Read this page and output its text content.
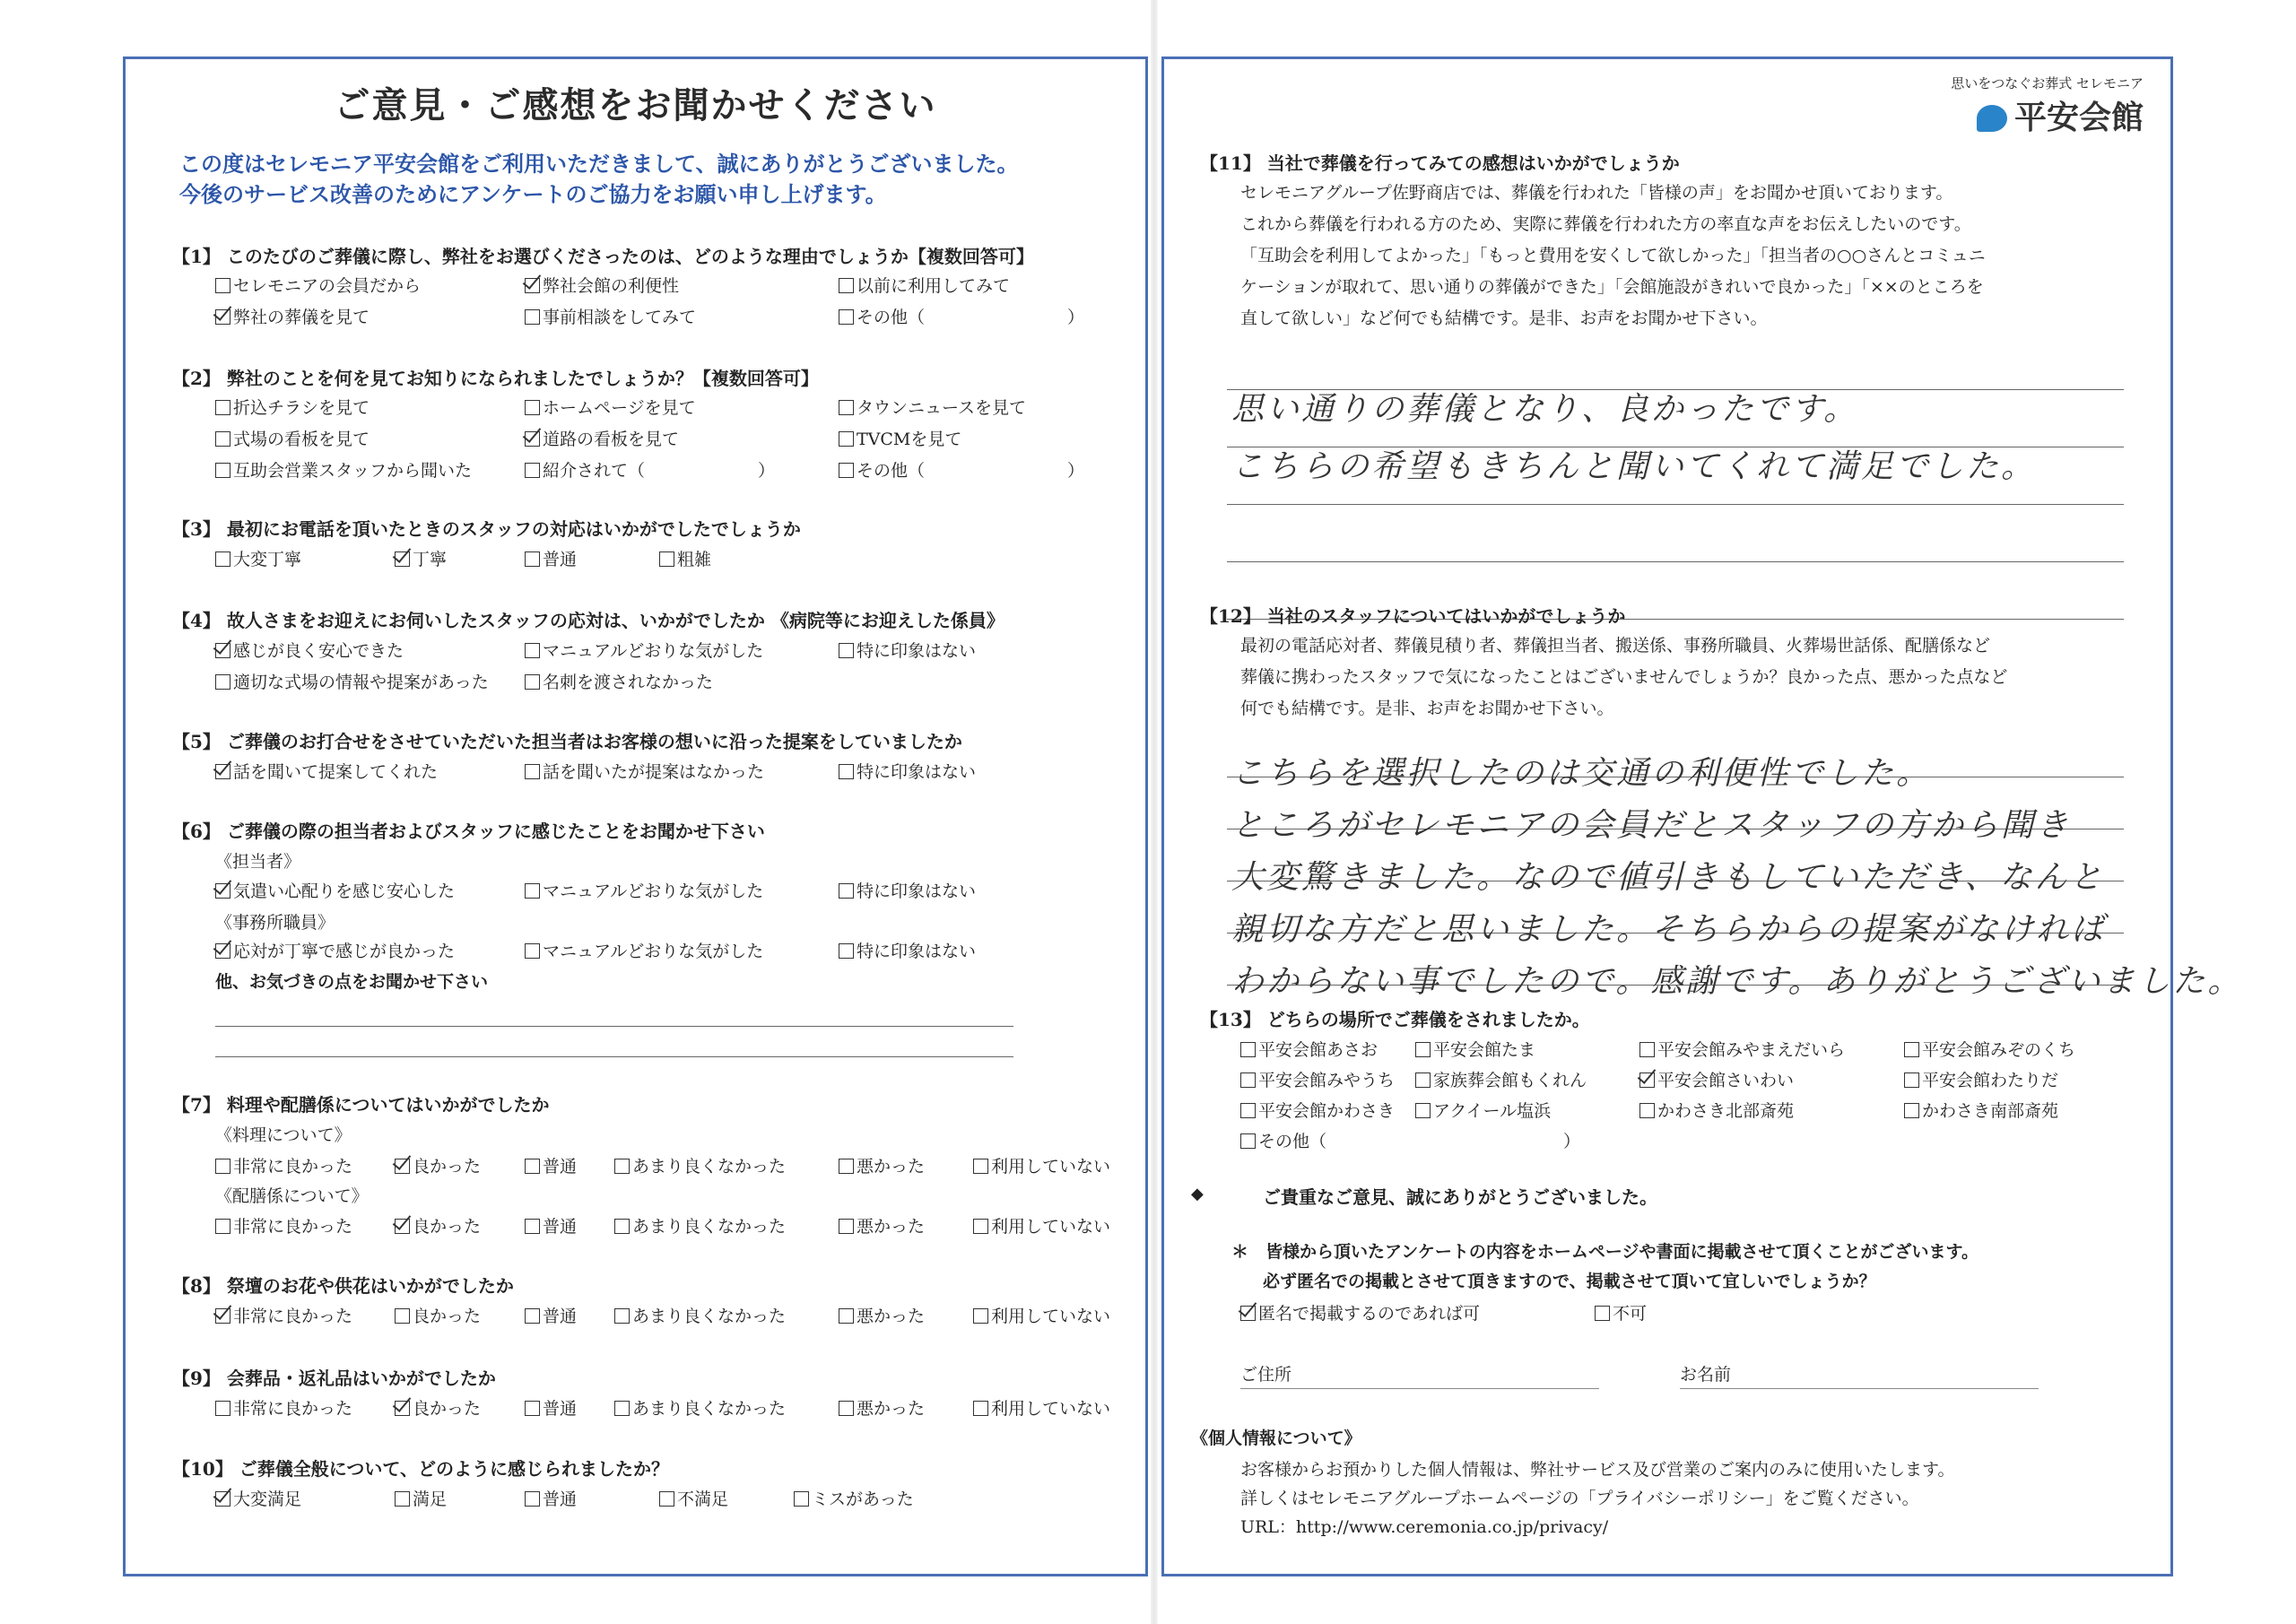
ご意見・ご感想をお聞かせください
この度はセレモニア平安会館をご利用いただきまして、誠にありがとうございました。
今後のサービス改善のためにアンケートのご協力をお願い申し上げます。
【1】 このたびのご葬儀に際し、弊社をお選びくださったのは、どのような理由でしょうか【複数回答可】
セレモニアの会員だから	弊社会館の利便性	以前に利用してみて
弊社の葬儀を見て	事前相談をしてみて	その他（	）
【2】 弊社のことを何を見てお知りになられましたでしょうか？【複数回答可】
折込チラシを見て	ホームページを見て	タウンニュースを見て
式場の看板を見て	道路の看板を見て	TVCMを見て
互助会営業スタッフから聞いた	紹介されて（	）	その他（	）
【3】 最初にお電話を頂いたときのスタッフの対応はいかがでしたでしょうか
大変丁寧	丁寧	普通	粗雑
【4】 故人さまをお迎えにお伺いしたスタッフの応対は、いかがでしたか 《病院等にお迎えした係員》
感じが良く安心できた	マニュアルどおりな気がした	特に印象はない
適切な式場の情報や提案があった	名刺を渡されなかった
【5】 ご葬儀のお打合せをさせていただいた担当者はお客様の想いに沿った提案をしていましたか
話を聞いて提案してくれた	話を聞いたが提案はなかった	特に印象はない
【6】 ご葬儀の際の担当者およびスタッフに感じたことをお聞かせ下さい
《担当者》
気遣い心配りを感じ安心した	マニュアルどおりな気がした	特に印象はない
《事務所職員》
応対が丁寧で感じが良かった	マニュアルどおりな気がした	特に印象はない
他、お気づきの点をお聞かせ下さい
【7】 料理や配膳係についてはいかがでしたか
《料理について》
非常に良かった	良かった	普通	あまり良くなかった	悪かった	利用していない
《配膳係について》
非常に良かった	良かった	普通	あまり良くなかった	悪かった	利用していない
【8】 祭壇のお花や供花はいかがでしたか
非常に良かった	良かった	普通	あまり良くなかった	悪かった	利用していない
【9】 会葬品・返礼品はいかがでしたか
非常に良かった	良かった	普通	あまり良くなかった	悪かった	利用していない
【10】 ご葬儀全般について、どのように感じられましたか？
大変満足	満足	普通	不満足	ミスがあった
思いをつなぐお葬式 セレモニア
平安会館
【11】 当社で葬儀を行ってみての感想はいかがでしょうか
セレモニアグループ佐野商店では、葬儀を行われた「皆様の声」をお聞かせ頂いております。
これから葬儀を行われる方のため、実際に葬儀を行われた方の率直な声をお伝えしたいのです。
「互助会を利用してよかった」「もっと費用を安くして欲しかった」「担当者の○○さんとコミュニ
ケーションが取れて、思い通りの葬儀ができた」「会館施設がきれいで良かった」「××のところを
直して欲しい」など何でも結構です。是非、お声をお聞かせ下さい。
思い通りの葬儀となり、良かったです。
こちらの希望もきちんと聞いてくれて満足でした。
【12】 当社のスタッフについてはいかがでしょうか
最初の電話応対者、葬儀見積り者、葬儀担当者、搬送係、事務所職員、火葬場世話係、配膳係など
葬儀に携わったスタッフで気になったことはございませんでしょうか？良かった点、悪かった点など
何でも結構です。是非、お声をお聞かせ下さい。
こちらを選択したのは交通の利便性でした。
ところがセレモニアの会員だとスタッフの方から聞き
大変驚きました。なので値引きもしていただき、なんと
親切な方だと思いました。そちらからの提案がなければ
わからない事でしたので。感謝です。ありがとうございました。
【13】 どちらの場所でご葬儀をされましたか。
平安会館あさお	平安会館たま	平安会館みやまえだいら	平安会館みぞのくち
平安会館みやうち	家族葬会館もくれん	平安会館さいわい	平安会館わたりだ
平安会館かわさき	アクイール塩浜	かわさき北部斎苑	かわさき南部斎苑
その他（	）
◆	ご貴重なご意見、誠にありがとうございました。
＊　皆様から頂いたアンケートの内容をホームページや書面に掲載させて頂くことがございます。
必ず匿名での掲載とさせて頂きますので、掲載させて頂いて宜しいでしょうか？
匿名で掲載するのであれば可	不可
ご住所	お名前
《個人情報について》
お客様からお預かりした個人情報は、弊社サービス及び営業のご案内のみに使用いたします。
詳しくはセレモニアグループホームページの「プライバシーポリシー」をご覧ください。
URL：http://www.ceremonia.co.jp/privacy/
